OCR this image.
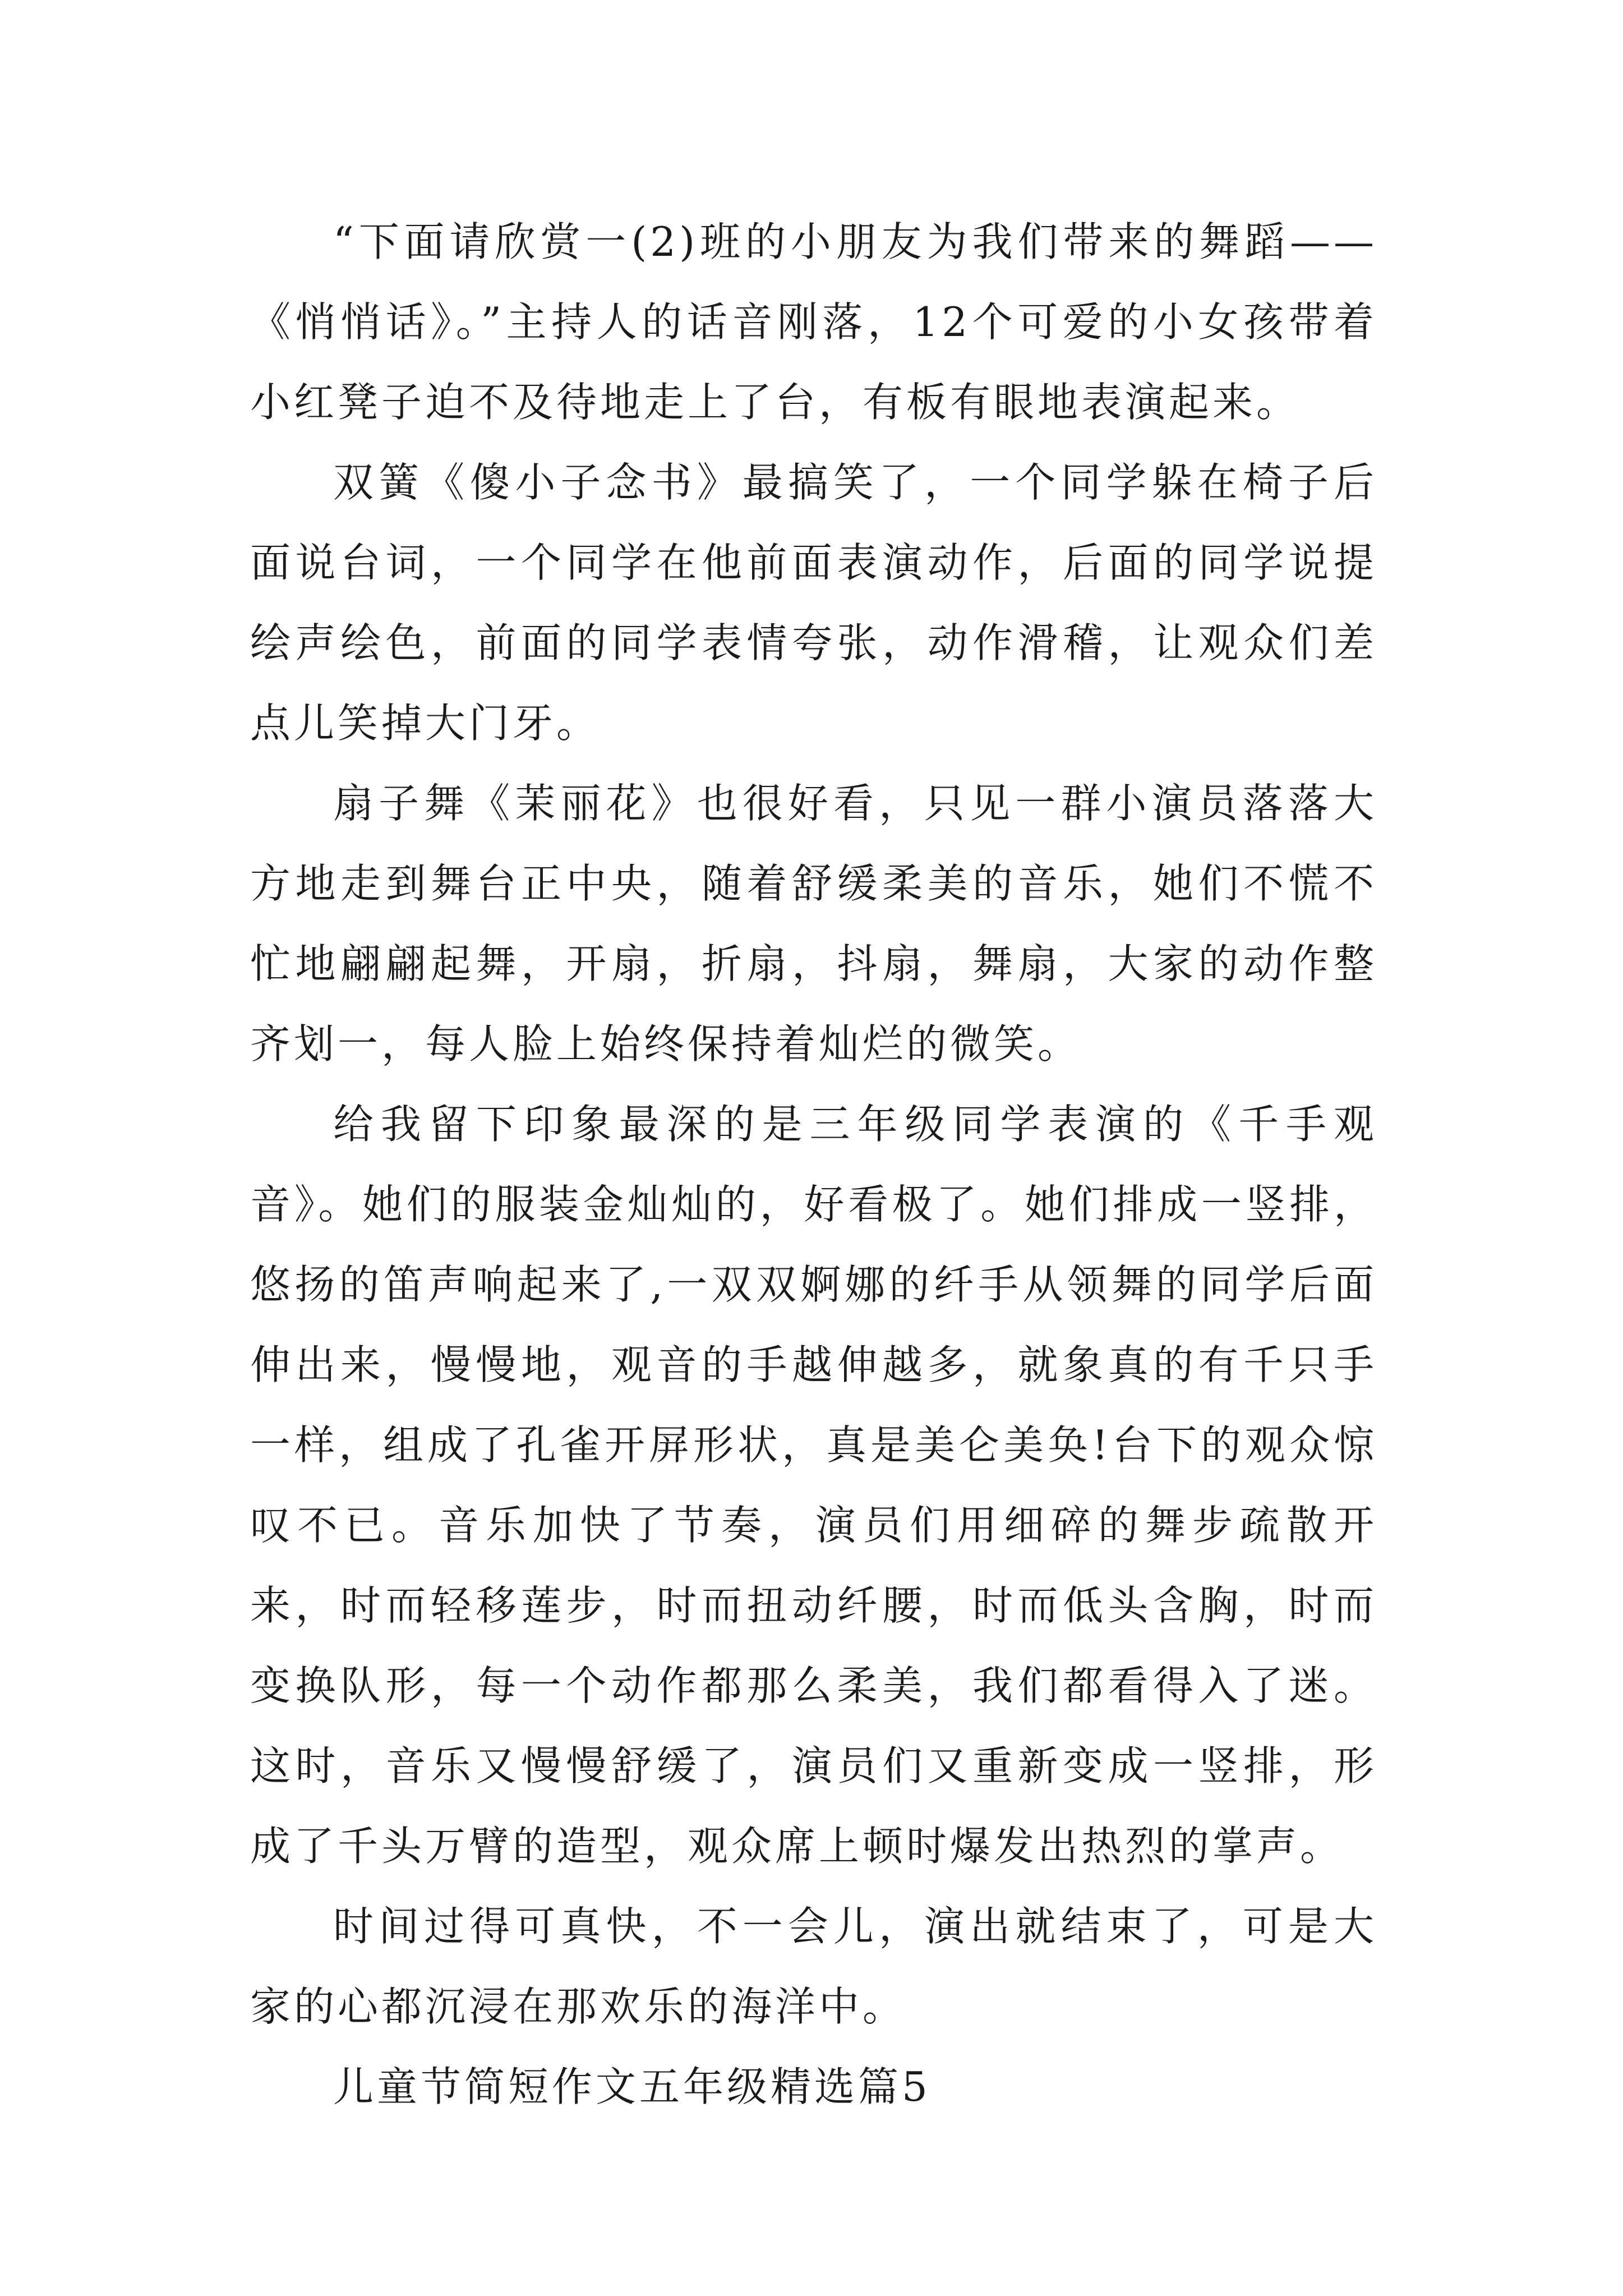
“下面请欣赏一(2)班的小朋友为我们带来的舞蹈——《悄悄话》。”主持人的话音刚落，12个可爱的小女孩带着小红凳子迫不及待地走上了台，有板有眼地表演起来。

双簧《傻小子念书》最搞笑了，一个同学躲在椅子后面说台词，一个同学在他前面表演动作，后面的同学说提绘声绘色，前面的同学表情夸张，动作滑稽，让观众们差点儿笑掉大门牙。

扇子舞《茉丽花》也很好看，只见一群小演员落落大方地走到舞台正中央，随着舒缓柔美的音乐，她们不慌不忙地翩翩起舞，开扇，折扇，抖扇，舞扇，大家的动作整齐划一，每人脸上始终保持着灿烂的微笑。

给我留下印象最深的是三年级同学表演的《千手观音》。她们的服装金灿灿的，好看极了。她们排成一竖排，悠扬的笛声响起来了,一双双婀娜的纤手从领舞的同学后面伸出来，慢慢地，观音的手越伸越多，就象真的有千只手一样，组成了孔雀开屏形状，真是美仑美奂!台下的观众惊叹不已。音乐加快了节奏，演员们用细碎的舞步疏散开来，时而轻移莲步，时而扭动纤腰，时而低头含胸，时而变换队形，每一个动作都那么柔美，我们都看得入了迷。这时，音乐又慢慢舒缓了，演员们又重新变成一竖排，形成了千头万臂的造型，观众席上顿时爆发出热烈的掌声。

时间过得可真快，不一会儿，演出就结束了，可是大家的心都沉浸在那欢乐的海洋中。

儿童节简短作文五年级精选篇5
